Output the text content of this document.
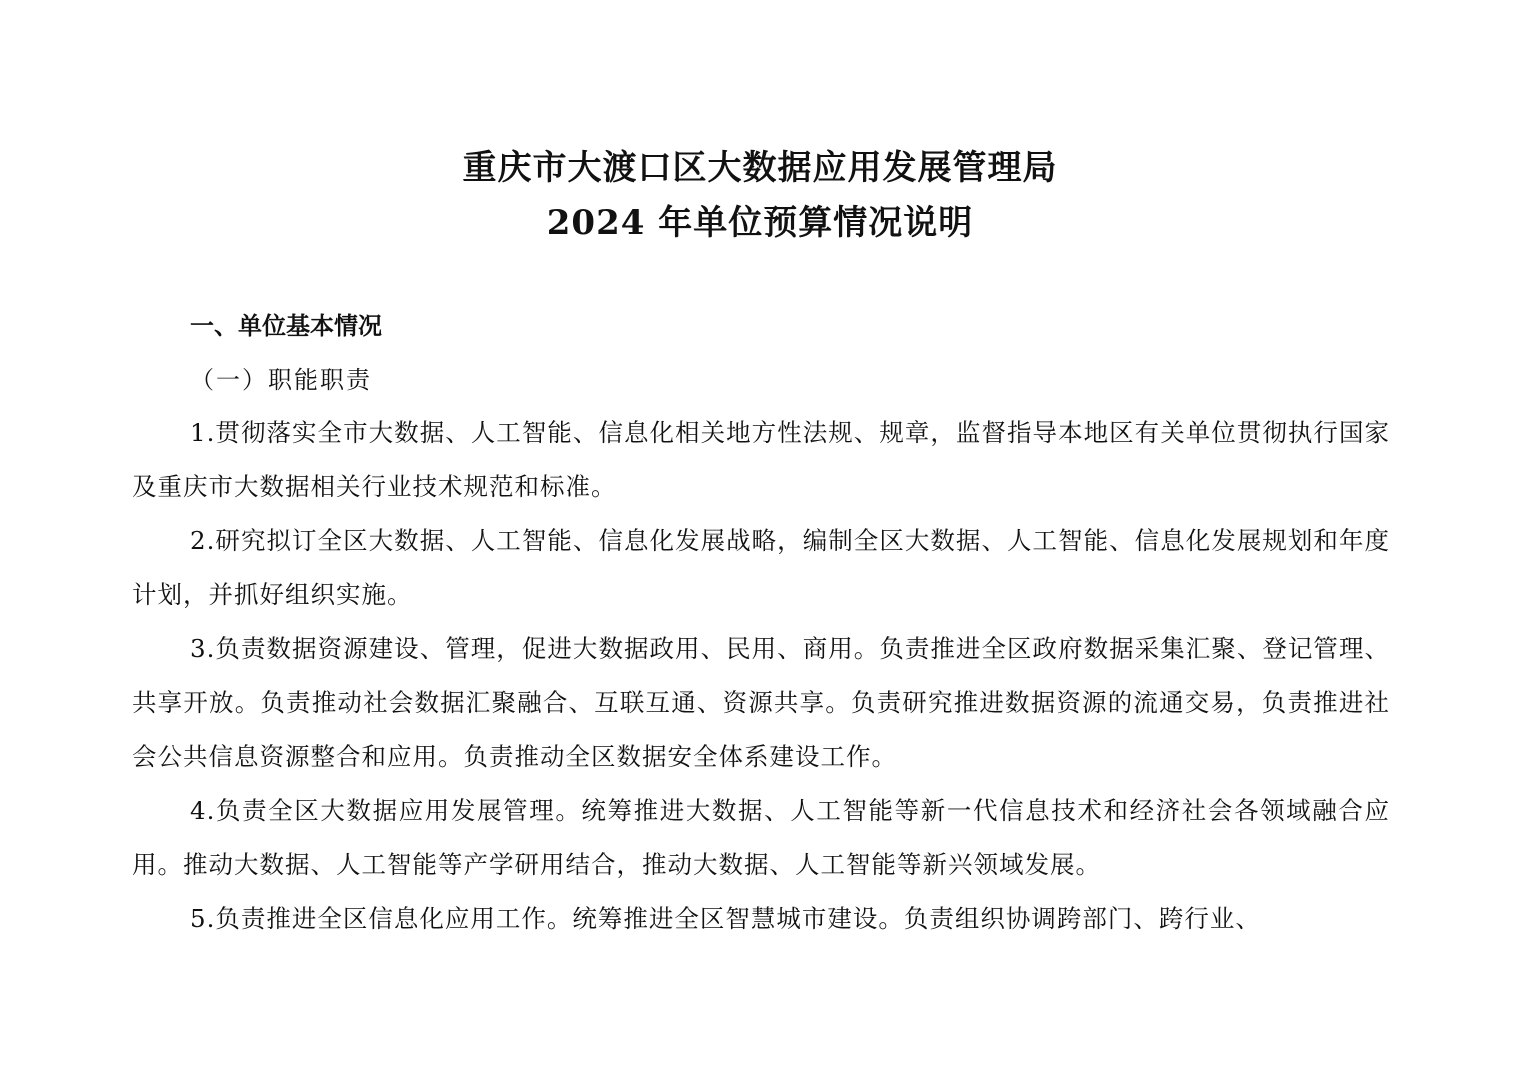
重庆市大渡口区大数据应用发展管理局
2024 年单位预算情况说明
一、单位基本情况
（一）职能职责

1.贯彻落实全市大数据、人工智能、信息化相关地方性法规、规章，监督指导本地区有关单位贯彻执行国家及重庆市大数据相关行业技术规范和标准。

2.研究拟订全区大数据、人工智能、信息化发展战略，编制全区大数据、人工智能、信息化发展规划和年度计划，并抓好组织实施。

3.负责数据资源建设、管理，促进大数据政用、民用、商用。负责推进全区政府数据采集汇聚、登记管理、共享开放。负责推动社会数据汇聚融合、互联互通、资源共享。负责研究推进数据资源的流通交易，负责推进社会公共信息资源整合和应用。负责推动全区数据安全体系建设工作。

4.负责全区大数据应用发展管理。统筹推进大数据、人工智能等新一代信息技术和经济社会各领域融合应用。推动大数据、人工智能等产学研用结合，推动大数据、人工智能等新兴领域发展。

5.负责推进全区信息化应用工作。统筹推进全区智慧城市建设。负责组织协调跨部门、跨行业、
